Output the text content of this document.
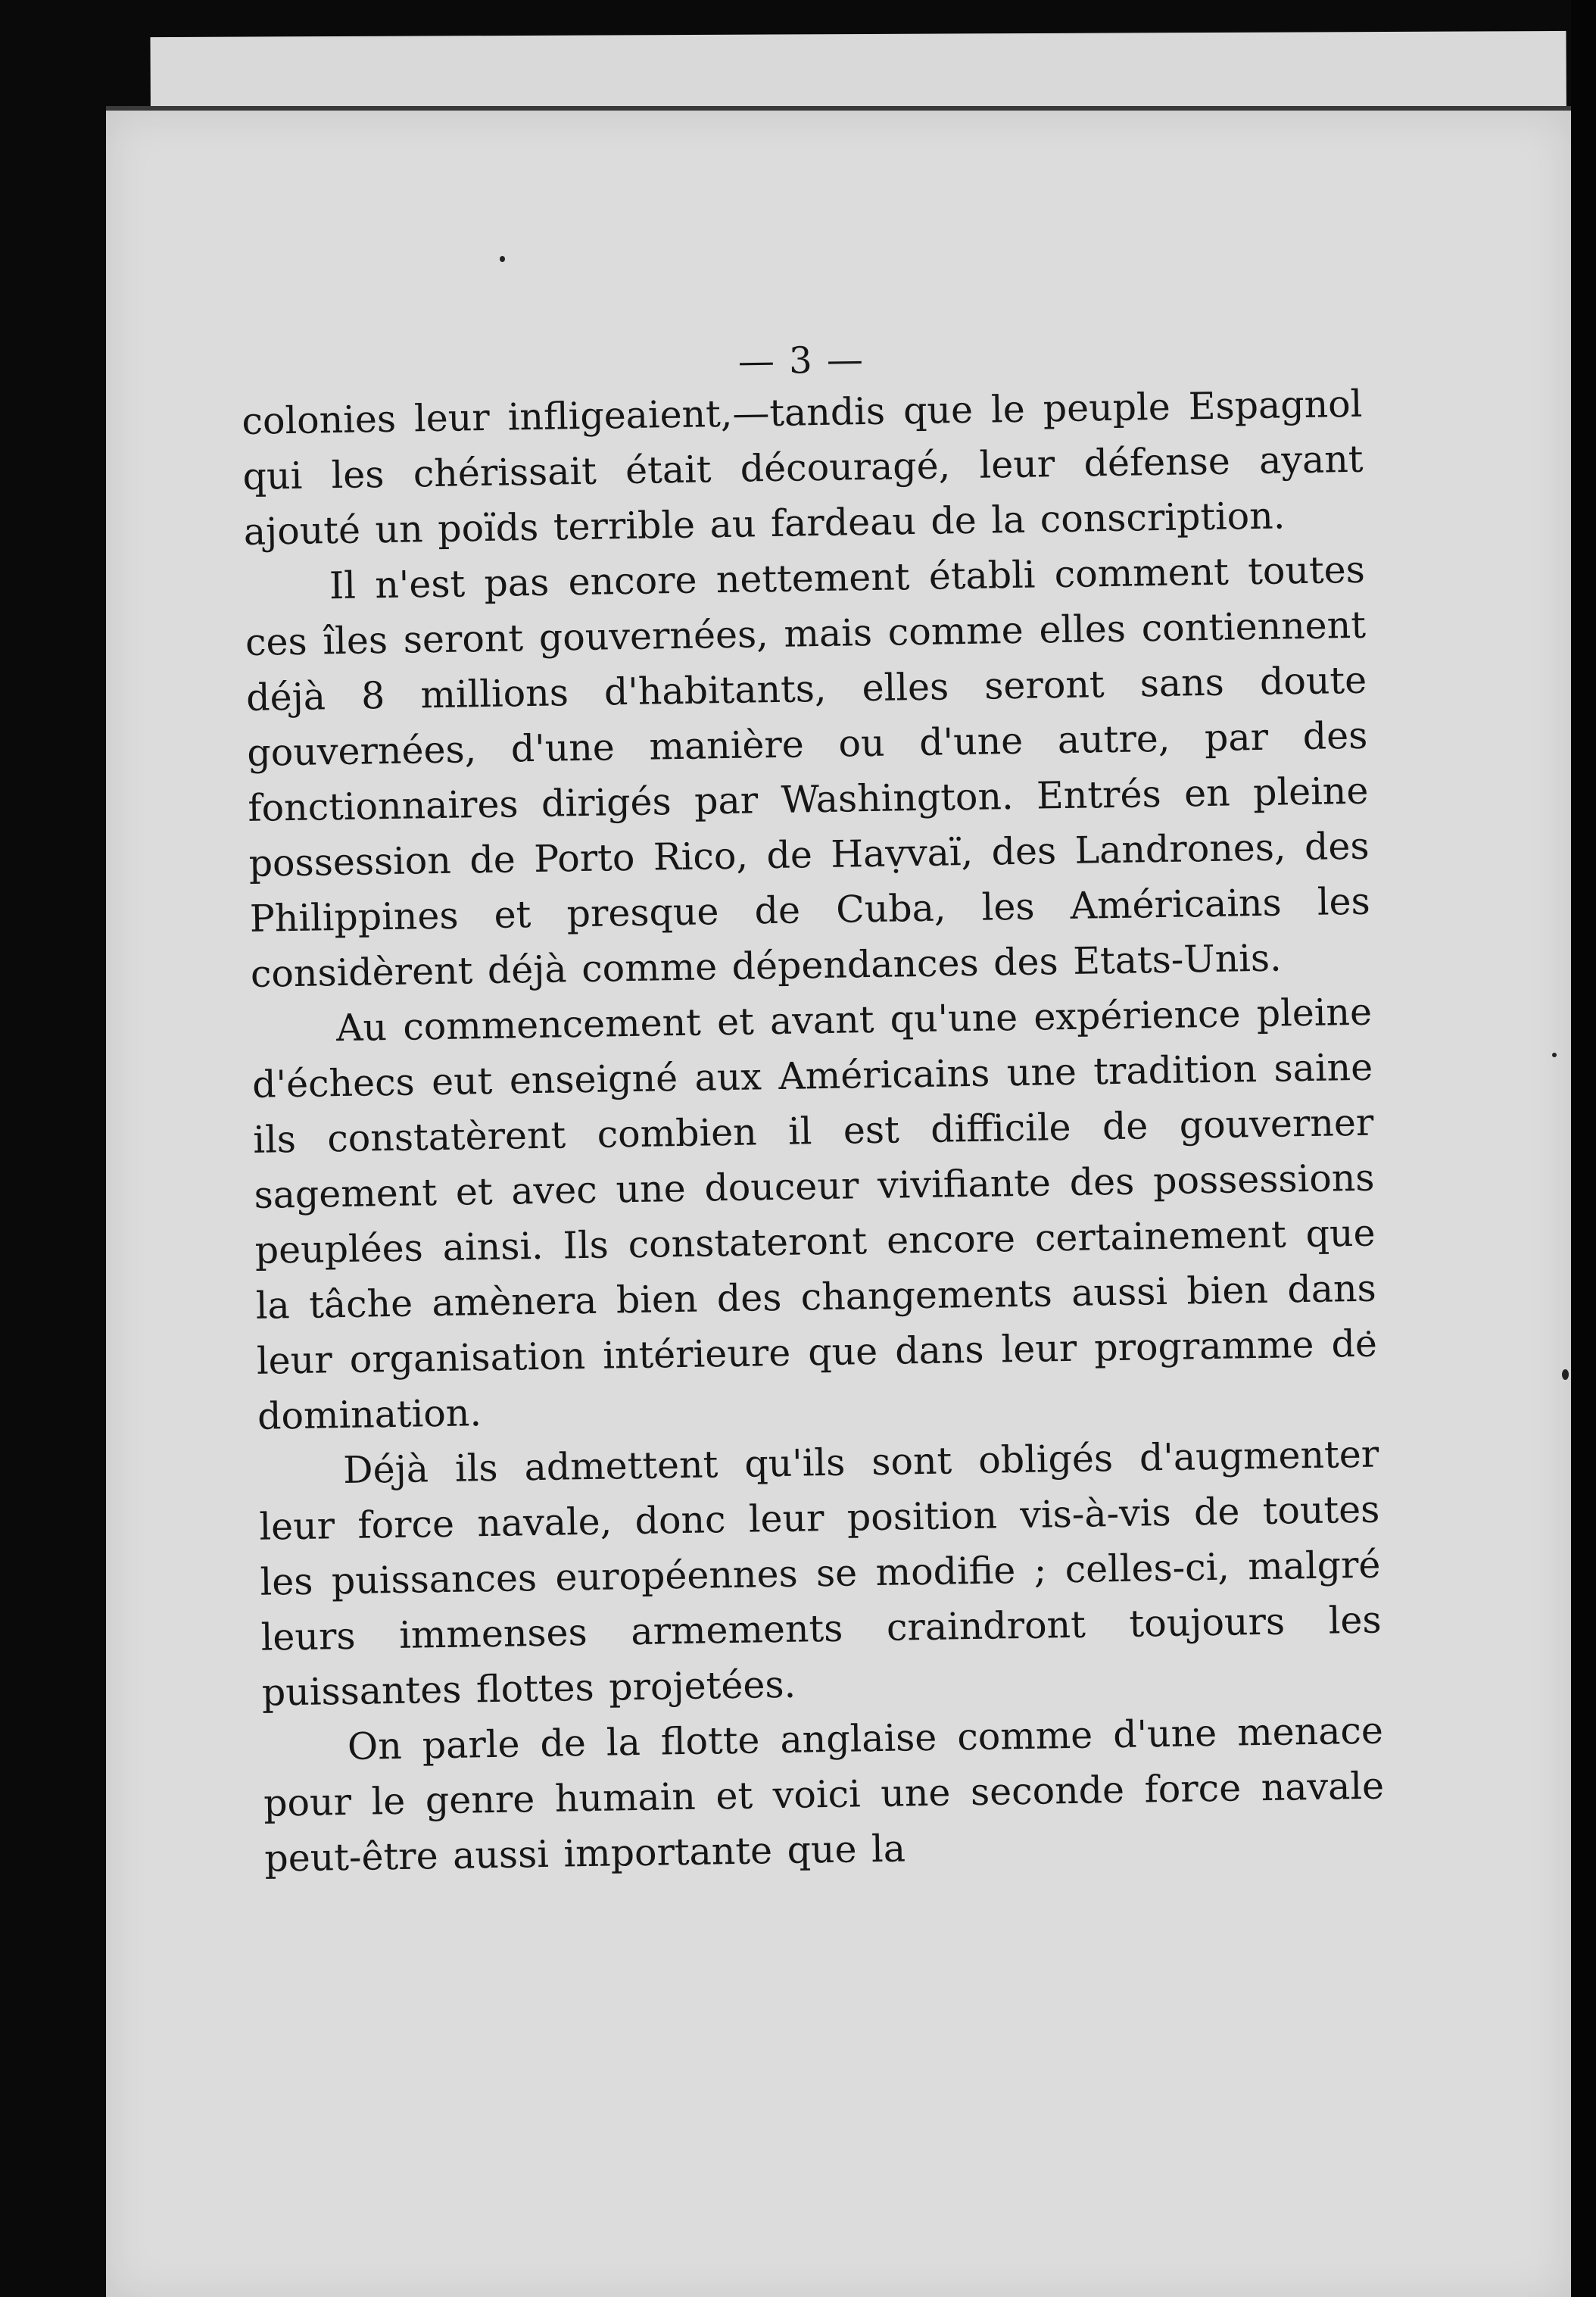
— 3 —

colonies leur infligeaient,—tandis que le peuple Espagnol qui les chérissait était découragé, leur défense ayant ajouté un poïds terrible au fardeau de la conscription.

Il n'est pas encore nettement établi comment toutes ces îles seront gouvernées, mais comme elles contiennent déjà 8 millions d'habitants, elles seront sans doute gouvernées, d'une manière ou d'une autre, par des fonctionnaires dirigés par Washington. Entrés en pleine possession de Porto Rico, de Haṿvaï, des Landrones, des Philippines et presque de Cuba, les Américains les considèrent déjà comme dépendances des Etats-Unis.

Au commencement et avant qu'une expérience pleine d'échecs eut enseigné aux Américains une tradition saine ils constatèrent combien il est difficile de gouverner sagement et avec une douceur vivifiante des possessions peuplées ainsi. Ils constateront encore certainement que la tâche amènera bien des changements aussi bien dans leur organisation intérieure que dans leur programme de domination.

Déjà ils admettent qu'ils sont obligés d'augmenter leur force navale, donc leur position vis-à-vis de toutes les puissances européennes se modifie ; celles-ci, malgré leurs immenses armements craindront toujours les puissantes flottes projetées.

On parle de la flotte anglaise comme d'une menace pour le genre humain et voici une seconde force navale peut-être aussi importante que la
